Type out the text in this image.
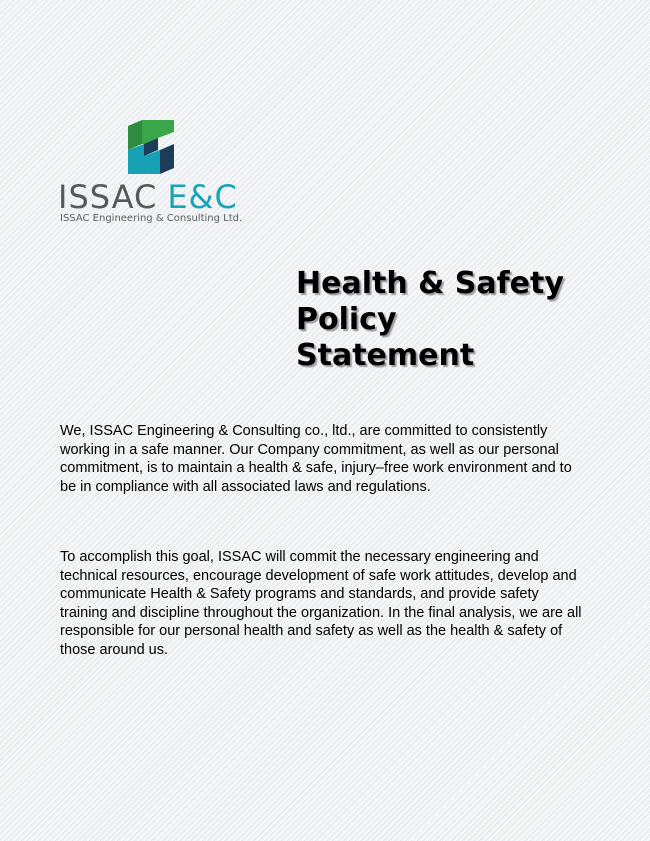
ISSAC E&C
ISSAC Engineering & Consulting Ltd.
Health & Safety
Policy
Statement

We, ISSAC Engineering & Consulting co., ltd., are committed to consistently working in a safe manner. Our Company commitment, as well as our personal commitment, is to maintain a health & safe, injury–free work environment and to be in compliance with all associated laws and regulations.

To accomplish this goal, ISSAC will commit the necessary engineering and technical resources, encourage development of safe work attitudes, develop and communicate Health & Safety programs and standards, and provide safety training and discipline throughout the organization. In the final analysis, we are all responsible for our personal health and safety as well as the health & safety of those around us.
